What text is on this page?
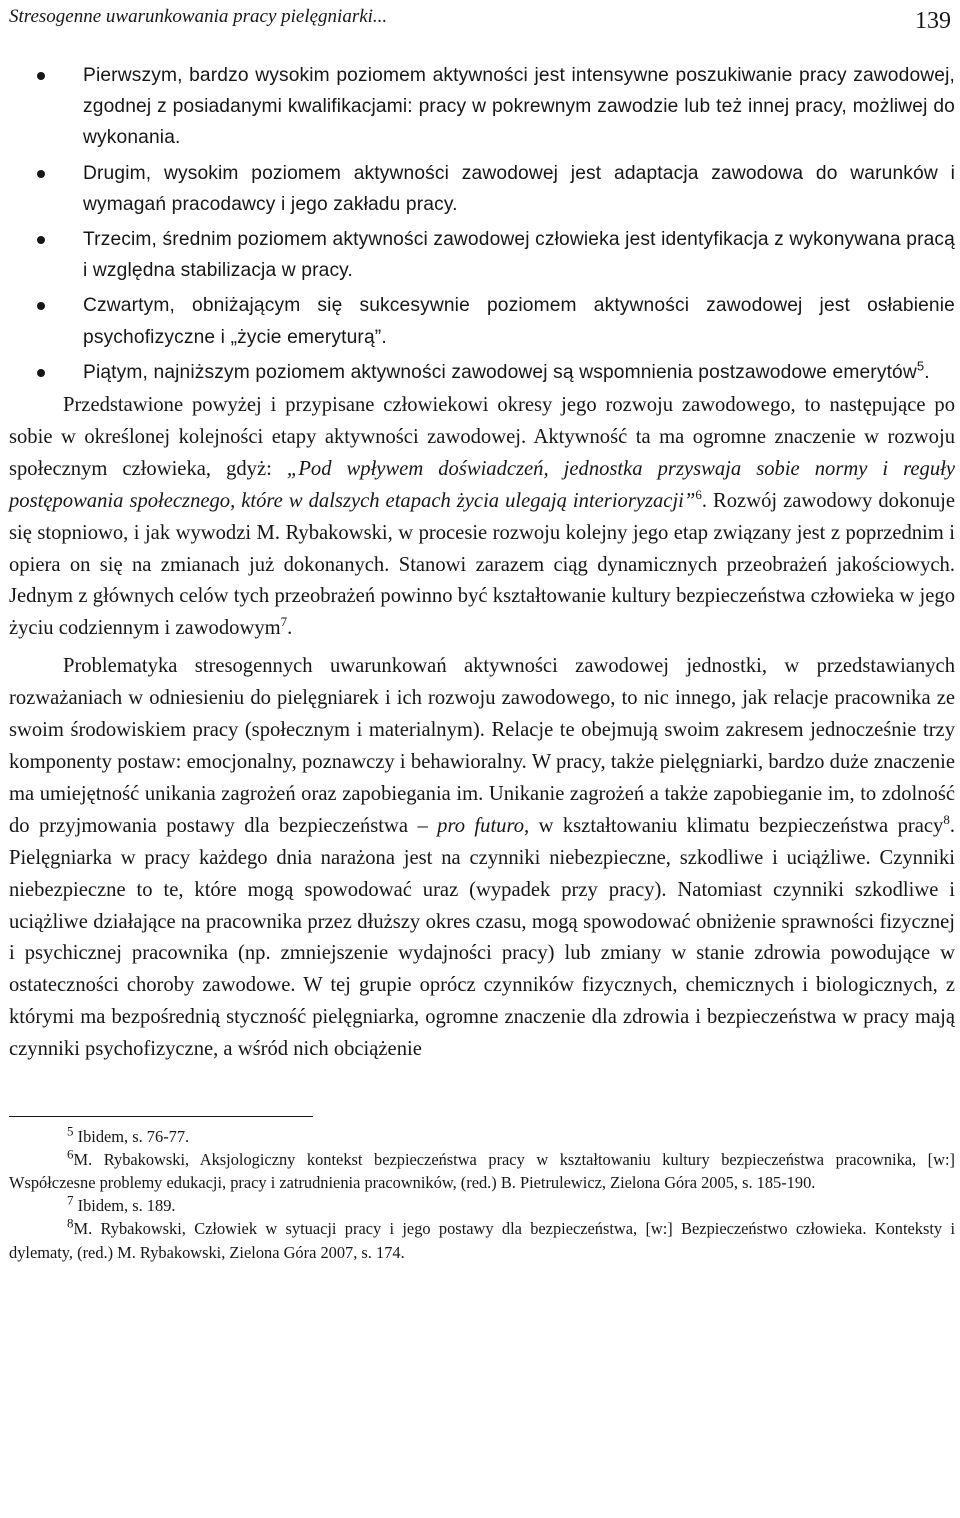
Stresogenne uwarunkowania pracy pielęgniarki...	139
Pierwszym, bardzo wysokim poziomem aktywności jest intensywne poszukiwanie pracy zawodowej, zgodnej z posiadanymi kwalifikacjami: pracy w pokrewnym zawodzie lub też innej pracy, możliwej do wykonania.
Drugim, wysokim poziomem aktywności zawodowej jest adaptacja zawodowa do warunków i wymagań pracodawcy i jego zakładu pracy.
Trzecim, średnim poziomem aktywności zawodowej człowieka jest identyfikacja z wykonywana pracą i względna stabilizacja w pracy.
Czwartym, obniżającym się sukcesywnie poziomem aktywności zawodowej jest osłabienie psychofizyczne i „życie emeryturą”.
Piątym, najniższym poziomem aktywności zawodowej są wspomnienia postzawodowe emerytów$^5$.

Przedstawione powyżej i przypisane człowiekowi okresy jego rozwoju zawodowego, to następujące po sobie w określonej kolejności etapy aktywności zawodowej. Aktywność ta ma ogromne znaczenie w rozwoju społecznym człowieka, gdyż: „Pod wpływem doświadczeń, jednostka przyswaja sobie normy i reguły postępowania społecznego, które w dalszych etapach życia ulegają interioryzacji”$^6$. Rozwój zawodowy dokonuje się stopniowo, i jak wywodzi M. Rybakowski, w procesie rozwoju kolejny jego etap związany jest z poprzednim i opiera on się na zmianach już dokonanych. Stanowi zarazem ciąg dynamicznych przeobrażeń jakościowych. Jednym z głównych celów tych przeobrażeń powinno być kształtowanie kultury bezpieczeństwa człowieka w jego życiu codziennym i zawodowym$^7$.

Problematyka stresogennych uwarunkowań aktywności zawodowej jednostki, w przedstawianych rozważaniach w odniesieniu do pielęgniarek i ich rozwoju zawodowego, to nic innego, jak relacje pracownika ze swoim środowiskiem pracy (społecznym i materialnym). Relacje te obejmują swoim zakresem jednocześnie trzy komponenty postaw: emocjonalny, poznawczy i behawioralny. W pracy, także pielęgniarki, bardzo duże znaczenie ma umiejętność unikania zagrożeń oraz zapobiegania im. Unikanie zagrożeń a także zapobieganie im, to zdolność do przyjmowania postawy dla bezpieczeństwa – pro futuro, w kształtowaniu klimatu bezpieczeństwa pracy$^8$. Pielęgniarka w pracy każdego dnia narażona jest na czynniki niebezpieczne, szkodliwe i uciążliwe. Czynniki niebezpieczne to te, które mogą spowodować uraz (wypadek przy pracy). Natomiast czynniki szkodliwe i uciążliwe działające na pracownika przez dłuższy okres czasu, mogą spowodować obniżenie sprawności fizycznej i psychicznej pracownika (np. zmniejszenie wydajności pracy) lub zmiany w stanie zdrowia powodujące w ostateczności choroby zawodowe. W tej grupie oprócz czynników fizycznych, chemicznych i biologicznych, z którymi ma bezpośrednią styczność pielęgniarka, ogromne znaczenie dla zdrowia i bezpieczeństwa w pracy mają czynniki psychofizyczne, a wśród nich obciążenie

$^5$ Ibidem, s. 76-77.

$^6$M. Rybakowski, Aksjologiczny kontekst bezpieczeństwa pracy w kształtowaniu kultury bezpieczeństwa pracownika, [w:] Współczesne problemy edukacji, pracy i zatrudnienia pracowników, (red.) B. Pietrulewicz, Zielona Góra 2005, s. 185-190.

$^7$ Ibidem, s. 189.

$^8$M. Rybakowski, Człowiek w sytuacji pracy i jego postawy dla bezpieczeństwa, [w:] Bezpieczeństwo człowieka. Konteksty i dylematy, (red.) M. Rybakowski, Zielona Góra 2007, s. 174.
